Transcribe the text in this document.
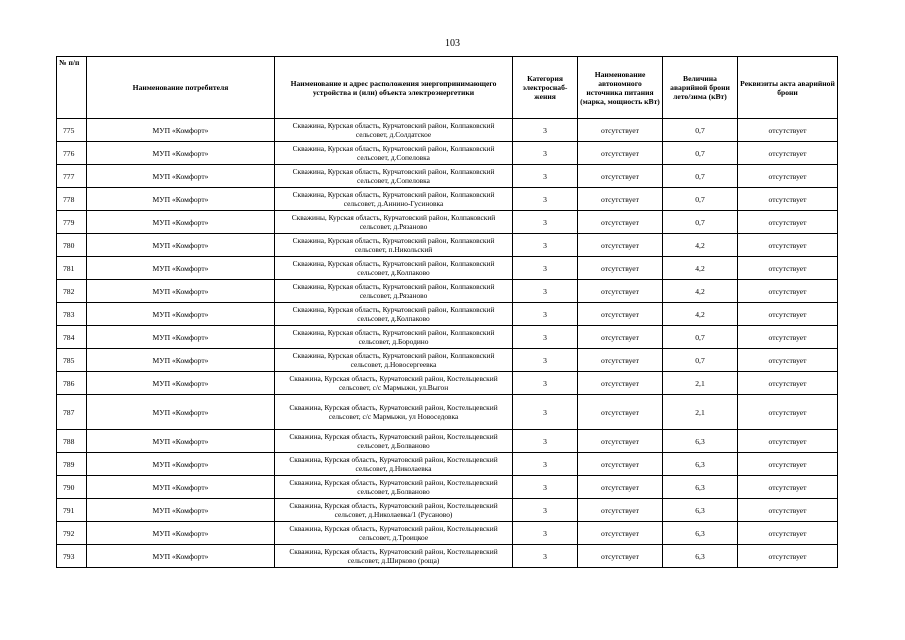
103
№ п/п	Наименование потребителя	Наименование и адрес расположения энергопринимающего устройства и (или) объекта электроэнергетики	Категория электроснаб-жения	Наименование автономного источника питания (марка, мощность кВт)	Величина аварийной брони лето/зима (кВт)	Реквизиты акта аварийной брони
775	МУП «Комфорт»	Скважина, Курская область, Курчатовский район, Колпаковский сельсовет, д.Солдатское	3	отсутствует	0,7	отсутствует
776	МУП «Комфорт»	Скважина, Курская область, Курчатовский район, Колпаковский сельсовет, д.Сопеловка	3	отсутствует	0,7	отсутствует
777	МУП «Комфорт»	Скважина, Курская область, Курчатовский район, Колпаковский сельсовет, д.Сопеловка	3	отсутствует	0,7	отсутствует
778	МУП «Комфорт»	Скважина, Курская область, Курчатовский район, Колпаковский сельсовет, д.Аннино-Гусиновка	3	отсутствует	0,7	отсутствует
779	МУП «Комфорт»	Скважины, Курская область, Курчатовский район, Колпаковский сельсовет, д.Рязаново	3	отсутствует	0,7	отсутствует
780	МУП «Комфорт»	Скважина, Курская область, Курчатовский район, Колпаковский сельсовет, п.Никольский	3	отсутствует	4,2	отсутствует
781	МУП «Комфорт»	Скважина, Курская область, Курчатовский район, Колпаковский сельсовет, д.Колпаково	3	отсутствует	4,2	отсутствует
782	МУП «Комфорт»	Скважина, Курская область, Курчатовский район, Колпаковский сельсовет, д.Рязаново	3	отсутствует	4,2	отсутствует
783	МУП «Комфорт»	Скважина, Курская область, Курчатовский район, Колпаковский сельсовет, д.Колпаково	3	отсутствует	4,2	отсутствует
784	МУП «Комфорт»	Скважина, Курская область, Курчатовский район, Колпаковский сельсовет, д.Бородино	3	отсутствует	0,7	отсутствует
785	МУП «Комфорт»	Скважина, Курская область, Курчатовский район, Колпаковский сельсовет, д.Новосергеевка	3	отсутствует	0,7	отсутствует
786	МУП «Комфорт»	Скважина, Курская область, Курчатовский район, Костельцевский сельсовет, с/с Мармыжи, ул.Выгон	3	отсутствует	2,1	отсутствует
787	МУП «Комфорт»	Скважина, Курская область, Курчатовский район, Костельцевский сельсовет, с/с Мармыжи, ул Новоседовка	3	отсутствует	2,1	отсутствует
788	МУП «Комфорт»	Скважина, Курская область, Курчатовский район, Костельцевский сельсовет, д.Болваново	3	отсутствует	6,3	отсутствует
789	МУП «Комфорт»	Скважина, Курская область, Курчатовский район, Костельцевский сельсовет, д.Николаевка	3	отсутствует	6,3	отсутствует
790	МУП «Комфорт»	Скважина, Курская область, Курчатовский район, Костельцевский сельсовет, д.Болваново	3	отсутствует	6,3	отсутствует
791	МУП «Комфорт»	Скважина, Курская область, Курчатовский район, Костельцевский сельсовет, д.Николаевка/1 (Русаново)	3	отсутствует	6,3	отсутствует
792	МУП «Комфорт»	Скважина, Курская область, Курчатовский район, Костельцевский сельсовет, д.Троицкое	3	отсутствует	6,3	отсутствует
793	МУП «Комфорт»	Скважина, Курская область, Курчатовский район, Костельцевский сельсовет, д.Ширково (роща)	3	отсутствует	6,3	отсутствует
